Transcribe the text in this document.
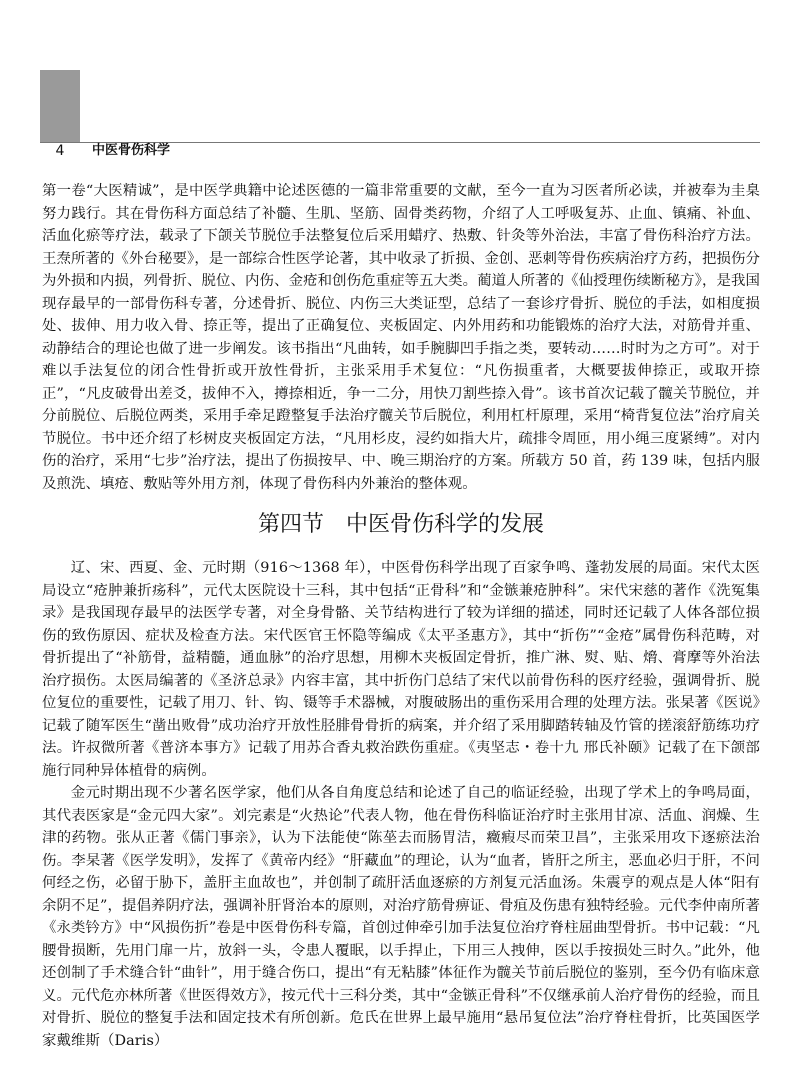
4	中医骨伤科学

第一卷“大医精诚”，是中医学典籍中论述医德的一篇非常重要的文献，至今一直为习医者所必读，并被奉为圭臬努力践行。其在骨伤科方面总结了补髓、生肌、坚筋、固骨类药物，介绍了人工呼吸复苏、止血、镇痛、补血、活血化瘀等疗法，载录了下颌关节脱位手法整复位后采用蜡疗、热敷、针灸等外治法，丰富了骨伤科治疗方法。王焘所著的《外台秘要》，是一部综合性医学论著，其中收录了折损、金创、恶刺等骨伤疾病治疗方药，把损伤分为外损和内损，列骨折、脱位、内伤、金疮和创伤危重症等五大类。蔺道人所著的《仙授理伤续断秘方》，是我国现存最早的一部骨伤科专著，分述骨折、脱位、内伤三大类证型，总结了一套诊疗骨折、脱位的手法，如相度损处、拔伸、用力收入骨、捺正等，提出了正确复位、夹板固定、内外用药和功能锻炼的治疗大法，对筋骨并重、动静结合的理论也做了进一步阐发。该书指出“凡曲转，如手腕脚凹手指之类，要转动……时时为之方可”。对于难以手法复位的闭合性骨折或开放性骨折，主张采用手术复位：“凡伤损重者，大概要拔伸捺正，或取开捺正”，“凡皮破骨出差爻，拔伸不入，撙捺相近，争一二分，用快刀割些捺入骨”。该书首次记载了髋关节脱位，并分前脱位、后脱位两类，采用手牵足蹬整复手法治疗髋关节后脱位，利用杠杆原理，采用“椅背复位法”治疗肩关节脱位。书中还介绍了杉树皮夹板固定方法，“凡用杉皮，浸约如指大片，疏排令周匝，用小绳三度紧缚”。对内伤的治疗，采用“七步”治疗法，提出了伤损按早、中、晚三期治疗的方案。所载方 50 首，药 139 味，包括内服及煎洗、填疮、敷贴等外用方剂，体现了骨伤科内外兼治的整体观。

第四节　中医骨伤科学的发展

辽、宋、西夏、金、元时期（916～1368 年），中医骨伤科学出现了百家争鸣、蓬勃发展的局面。宋代太医局设立“疮肿兼折疡科”，元代太医院设十三科，其中包括“正骨科”和“金镞兼疮肿科”。宋代宋慈的著作《洗冤集录》是我国现存最早的法医学专著，对全身骨骼、关节结构进行了较为详细的描述，同时还记载了人体各部位损伤的致伤原因、症状及检查方法。宋代医官王怀隐等编成《太平圣惠方》，其中“折伤”“金疮”属骨伤科范畴，对骨折提出了“补筋骨，益精髓，通血脉”的治疗思想，用柳木夹板固定骨折，推广淋、熨、贴、熁、膏摩等外治法治疗损伤。太医局编著的《圣济总录》内容丰富，其中折伤门总结了宋代以前骨伤科的医疗经验，强调骨折、脱位复位的重要性，记载了用刀、针、钩、镊等手术器械，对腹破肠出的重伤采用合理的处理方法。张杲著《医说》记载了随军医生“凿出败骨”成功治疗开放性胫腓骨骨折的病案，并介绍了采用脚踏转轴及竹管的搓滚舒筋练功疗法。许叔微所著《普济本事方》记载了用苏合香丸救治跌伤重症。《夷坚志・卷十九 邢氏补颐》记载了在下颌部施行同种异体植骨的病例。

金元时期出现不少著名医学家，他们从各自角度总结和论述了自己的临证经验，出现了学术上的争鸣局面，其代表医家是“金元四大家”。刘完素是“火热论”代表人物，他在骨伤科临证治疗时主张用甘凉、活血、润燥、生津的药物。张从正著《儒门事亲》，认为下法能使“陈莝去而肠胃洁，癥瘕尽而荣卫昌”，主张采用攻下逐瘀法治伤。李杲著《医学发明》，发挥了《黄帝内经》“肝藏血”的理论，认为“血者，皆肝之所主，恶血必归于肝，不问何经之伤，必留于胁下，盖肝主血故也”，并创制了疏肝活血逐瘀的方剂复元活血汤。朱震亨的观点是人体“阳有余阴不足”，提倡养阴疗法，强调补肝肾治本的原则，对治疗筋骨痹证、骨疽及伤患有独特经验。元代李仲南所著《永类钤方》中“风损伤折”卷是中医骨伤科专篇，首创过伸牵引加手法复位治疗脊柱屈曲型骨折。书中记载：“凡腰骨损断，先用门扉一片，放斜一头，令患人覆眠，以手捍止，下用三人拽伸，医以手按损处三时久。”此外，他还创制了手术缝合针“曲针”，用于缝合伤口，提出“有无粘膝”体征作为髋关节前后脱位的鉴别，至今仍有临床意义。元代危亦林所著《世医得效方》，按元代十三科分类，其中“金镞正骨科”不仅继承前人治疗骨伤的经验，而且对骨折、脱位的整复手法和固定技术有所创新。危氏在世界上最早施用“悬吊复位法”治疗脊柱骨折，比英国医学家戴维斯（Daris）
